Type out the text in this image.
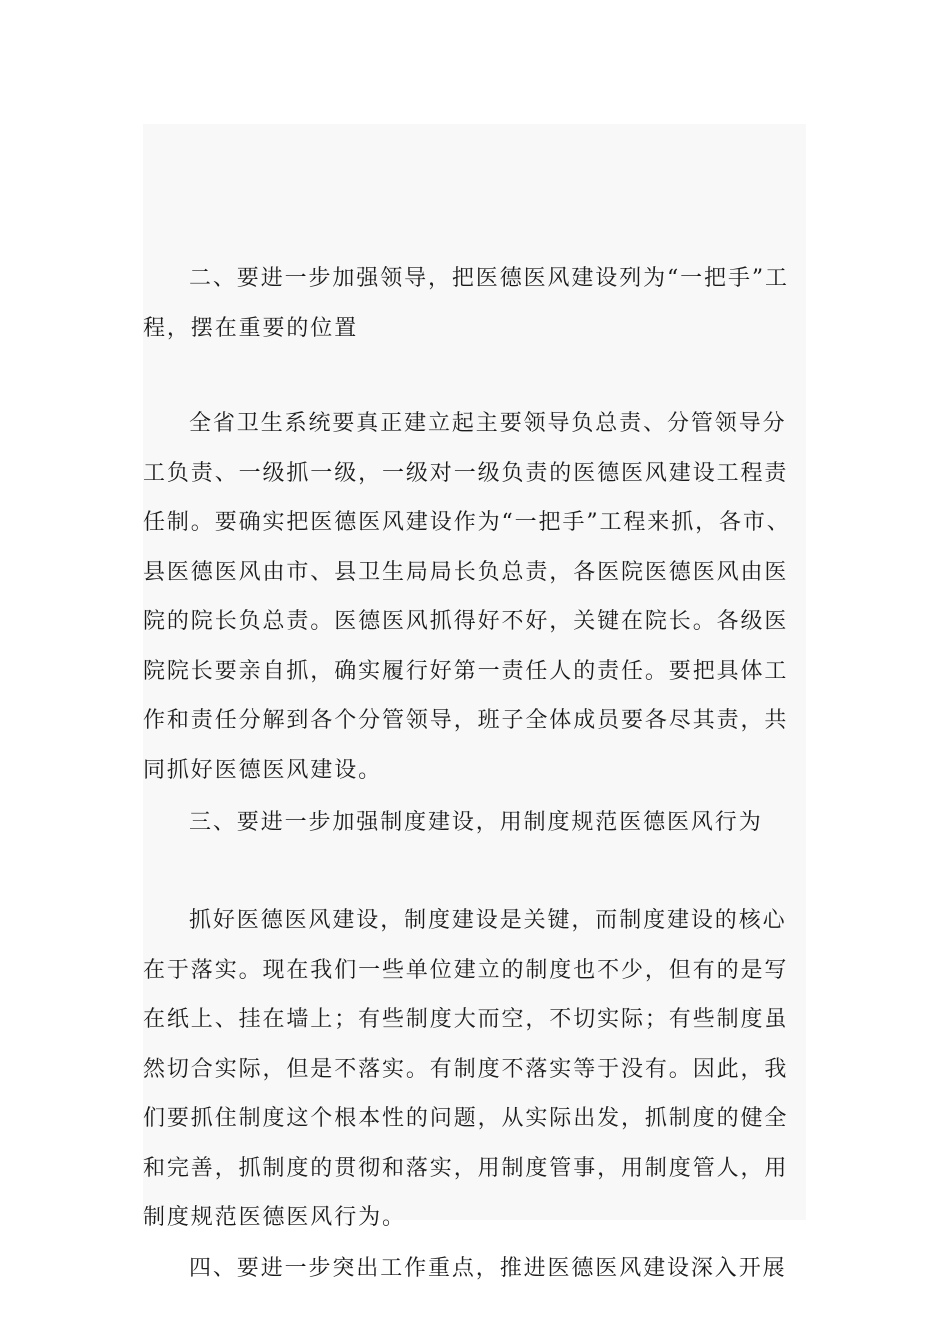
二、要进一步加强领导，把医德医风建设列为“一把手”工程，摆在重要的位置

全省卫生系统要真正建立起主要领导负总责、分管领导分工负责、一级抓一级，一级对一级负责的医德医风建设工程责任制。要确实把医德医风建设作为“一把手”工程来抓，各市、县医德医风由市、县卫生局局长负总责，各医院医德医风由医院的院长负总责。医德医风抓得好不好，关键在院长。各级医院院长要亲自抓，确实履行好第一责任人的责任。要把具体工作和责任分解到各个分管领导，班子全体成员要各尽其责，共同抓好医德医风建设。

三、要进一步加强制度建设，用制度规范医德医风行为

抓好医德医风建设，制度建设是关键，而制度建设的核心在于落实。现在我们一些单位建立的制度也不少，但有的是写在纸上、挂在墙上；有些制度大而空，不切实际；有些制度虽然切合实际，但是不落实。有制度不落实等于没有。因此，我们要抓住制度这个根本性的问题，从实际出发，抓制度的健全和完善，抓制度的贯彻和落实，用制度管事，用制度管人，用制度规范医德医风行为。

四、要进一步突出工作重点，推进医德医风建设深入开展
